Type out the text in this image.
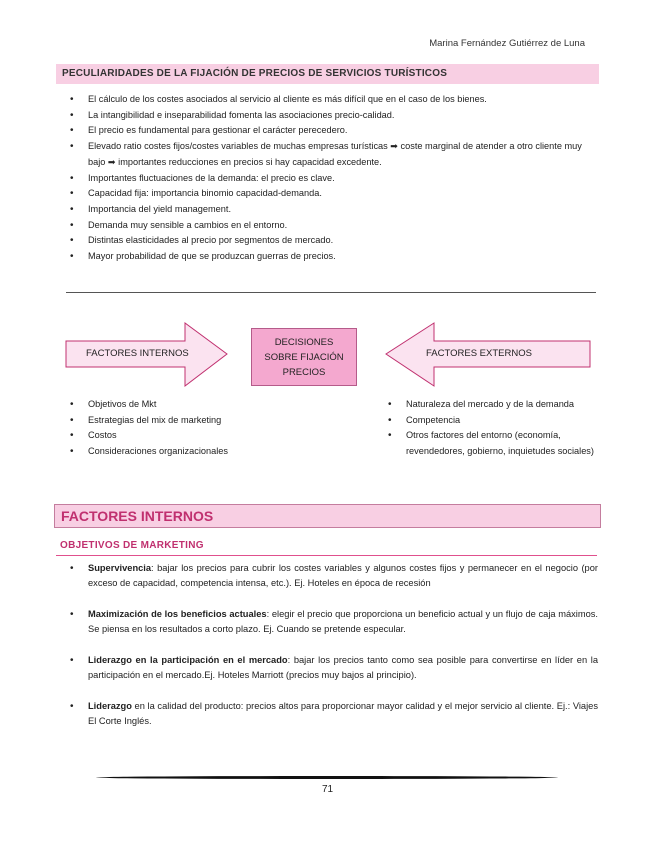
Marina Fernández Gutiérrez de Luna
PECULIARIDADES DE LA FIJACIÓN DE PRECIOS DE SERVICIOS TURÍSTICOS
• El cálculo de los costes asociados al servicio al cliente es más difícil que en el caso de los bienes.
• La intangibilidad e inseparabilidad fomenta las asociaciones precio-calidad.
• El precio es fundamental para gestionar el carácter perecedero.
• Elevado ratio costes fijos/costes variables de muchas empresas turísticas ➡ coste marginal de atender a otro cliente muy bajo ➡ importantes reducciones en precios si hay capacidad excedente.
• Importantes fluctuaciones de la demanda: el precio es clave.
• Capacidad fija: importancia binomio capacidad-demanda.
• Importancia del yield management.
• Demanda muy sensible a cambios en el entorno.
• Distintas elasticidades al precio por segmentos de mercado.
• Mayor probabilidad de que se produzcan guerras de precios.
FACTORES INTERNOS	FACTORES EXTERNOS
DECISIONES SOBRE FIJACIÓN PRECIOS
• Objetivos de Mkt
• Estrategias del mix de marketing
• Costos
• Consideraciones organizacionales
• Naturaleza del mercado y de la demanda
• Competencia
• Otros factores del entorno (economía, revendedores, gobierno, inquietudes sociales)
FACTORES INTERNOS
OBJETIVOS DE MARKETING
• Supervivencia: bajar los precios para cubrir los costes variables y algunos costes fijos y permanecer en el negocio (por exceso de capacidad, competencia intensa, etc.). Ej. Hoteles en época de recesión
• Maximización de los beneficios actuales: elegir el precio que proporciona un beneficio actual y un flujo de caja máximos. Se piensa en los resultados a corto plazo. Ej. Cuando se pretende especular.
• Liderazgo en la participación en el mercado: bajar los precios tanto como sea posible para convertirse en líder en la participación en el mercado.Ej. Hoteles Marriott (precios muy bajos al principio).
• Liderazgo en la calidad del producto: precios altos para proporcionar mayor calidad y el mejor servicio al cliente. Ej.: Viajes El Corte Inglés.
71
